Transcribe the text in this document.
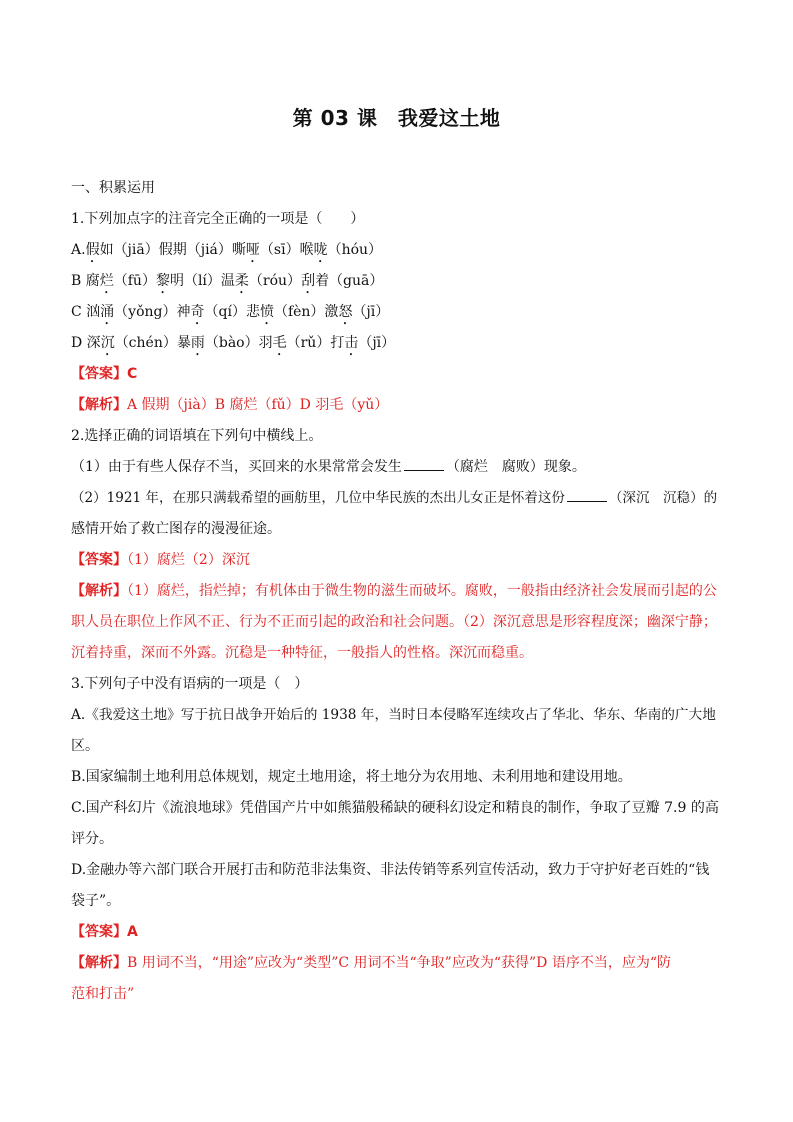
第 03 课　我爱这土地
一、积累运用
1.下列加点字的注音完全正确的一项是（　　）
A.假如（jiā）假期（jiá）嘶哑（sī）喉咙（hóu）
B 腐烂（fū）黎明（lí）温柔（róu）刮着（guā）
C 汹涌（yǒng）神奇（qí）悲愤（fèn）激怒（jī）
D 深沉（chén）暴雨（bào）羽毛（rǔ）打击（jī）
【答案】C
【解析】A 假期（jià）B 腐烂（fǔ）D 羽毛（yǔ）
2.选择正确的词语填在下列句中横线上。
（1）由于有些人保存不当，买回来的水果常常会发生	（腐烂　腐败）现象。
（2）1921 年，在那只满载希望的画舫里，几位中华民族的杰出儿女正是怀着这份	（深沉　沉稳）的
感情开始了救亡图存的漫漫征途。
【答案】（1）腐烂（2）深沉
【解析】（1）腐烂，指烂掉；有机体由于微生物的滋生而破坏。腐败，一般指由经济社会发展而引起的公
职人员在职位上作风不正、行为不正而引起的政治和社会问题。（2）深沉意思是形容程度深；幽深宁静；
沉着持重，深而不外露。沉稳是一种特征，一般指人的性格。深沉而稳重。
3.下列句子中没有语病的一项是（　）
A.《我爱这土地》写于抗日战争开始后的 1938 年，当时日本侵略军连续攻占了华北、华东、华南的广大地
区。
B.国家编制土地利用总体规划，规定土地用途，将土地分为农用地、未利用地和建设用地。
C.国产科幻片《流浪地球》凭借国产片中如熊猫般稀缺的硬科幻设定和精良的制作，争取了豆瓣 7.9 的高
评分。
D.金融办等六部门联合开展打击和防范非法集资、非法传销等系列宣传活动，致力于守护好老百姓的“钱
袋子”。
【答案】A
【解析】B 用词不当，“用途”应改为“类型”C 用词不当“争取”应改为“获得”D 语序不当，应为“防
范和打击”
